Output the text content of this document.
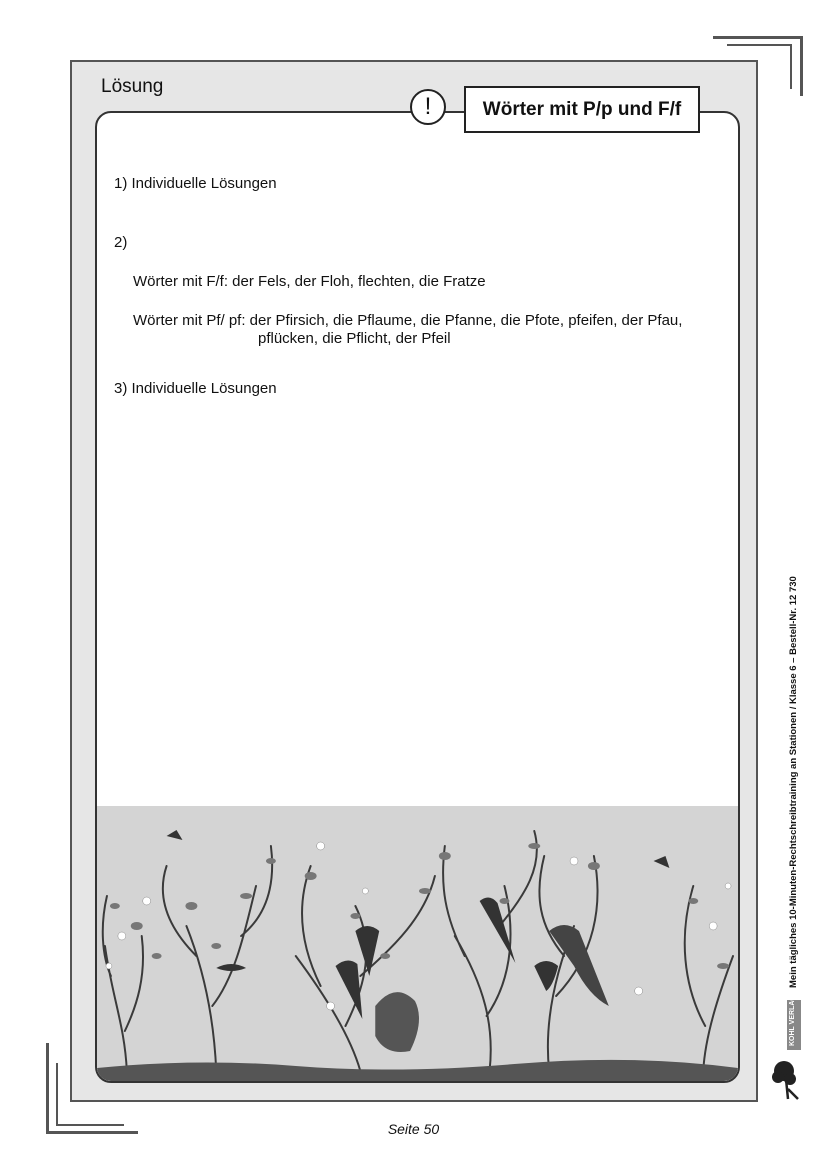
Lösung
!	Wörter mit P/p und F/f
1) Individuelle Lösungen
2)
Wörter mit F/f: der Fels, der Floh, flechten, die Fratze
Wörter mit Pf/ pf: der Pfirsich, die Pflaume, die Pfanne, die Pfote, pfeifen, der Pfau,
pflücken, die Pflicht, der Pfeil
3) Individuelle Lösungen
Mein tägliches 10-Minuten-Rechtschreibtraining an Stationen / Klasse 6 – Bestell-Nr. 12 730
KOHL VERLAG
Seite 50
